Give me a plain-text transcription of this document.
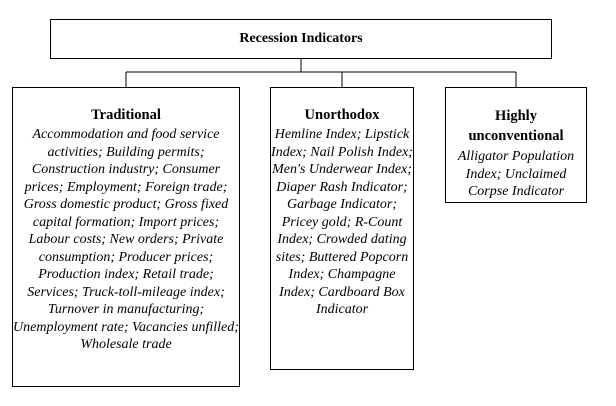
Recession Indicators
Traditional
Accommodation and food service activities; Building permits; Construction industry; Consumer prices; Employment; Foreign trade; Gross domestic product; Gross fixed capital formation; Import prices; Labour costs; New orders; Private consumption; Producer prices; Production index; Retail trade; Services; Truck-toll-mileage index; Turnover in manufacturing; Unemployment rate; Vacancies unfilled; Wholesale trade
Unorthodox
Hemline Index; Lipstick Index; Nail Polish Index; Men's Underwear Index; Diaper Rash Indicator; Garbage Indicator; Pricey gold; R-Count Index; Crowded dating sites; Buttered Popcorn Index; Champagne Index; Cardboard Box Indicator
Highly unconventional
Alligator Population Index; Unclaimed Corpse Indicator
